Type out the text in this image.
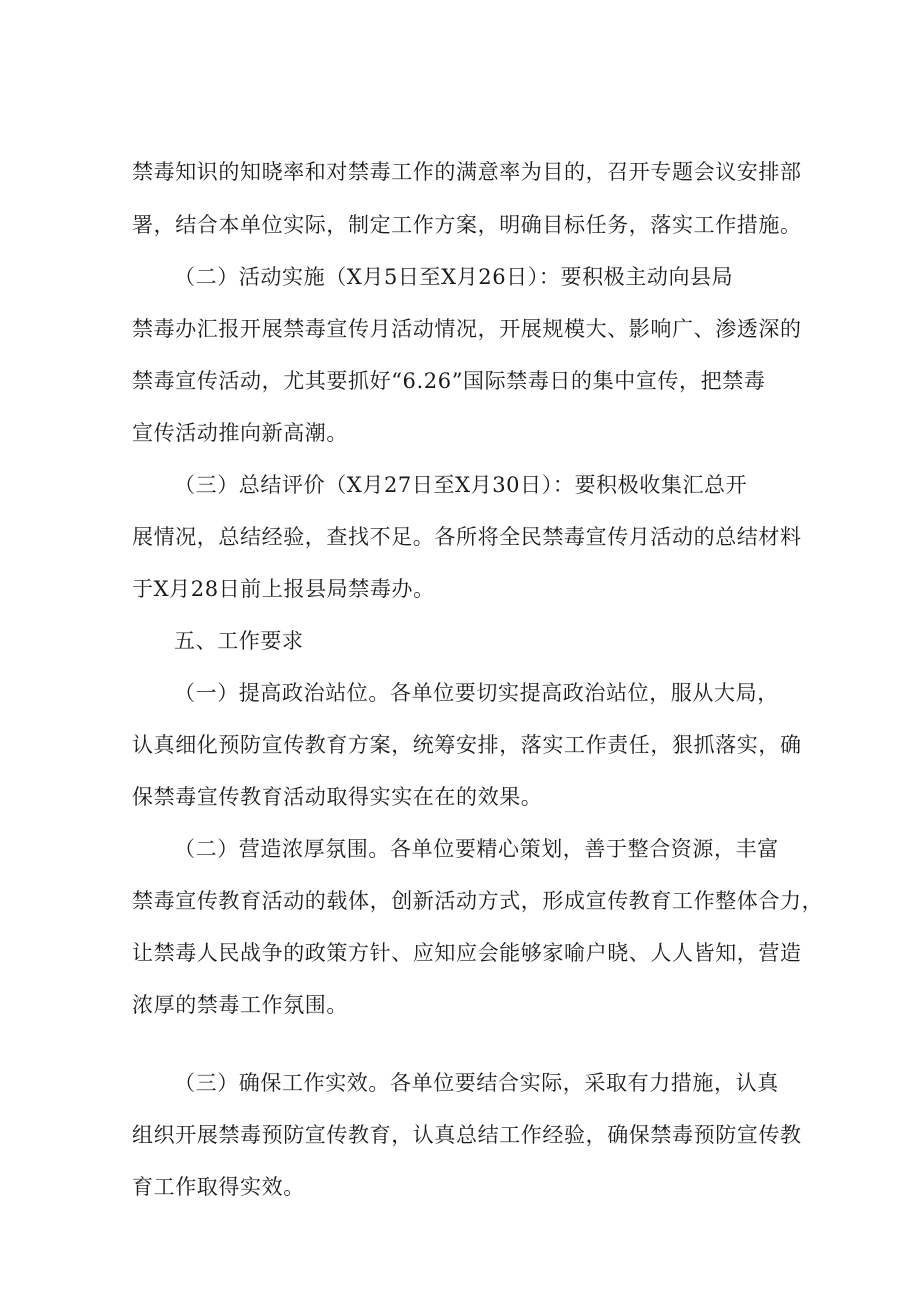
禁毒知识的知晓率和对禁毒工作的满意率为目的，召开专题会议安排部
署，结合本单位实际，制定工作方案，明确目标任务，落实工作措施。
（二）活动实施（X月5日至X月26日）：要积极主动向县局
禁毒办汇报开展禁毒宣传月活动情况，开展规模大、影响广、渗透深的
禁毒宣传活动，尤其要抓好“6.26”国际禁毒日的集中宣传，把禁毒
宣传活动推向新高潮。
（三）总结评价（X月27日至X月30日）：要积极收集汇总开
展情况，总结经验，查找不足。各所将全民禁毒宣传月活动的总结材料
于X月28日前上报县局禁毒办。
五、工作要求
（一）提高政治站位。各单位要切实提高政治站位，服从大局，
认真细化预防宣传教育方案，统筹安排，落实工作责任，狠抓落实，确
保禁毒宣传教育活动取得实实在在的效果。
（二）营造浓厚氛围。各单位要精心策划，善于整合资源，丰富
禁毒宣传教育活动的载体，创新活动方式，形成宣传教育工作整体合力，
让禁毒人民战争的政策方针、应知应会能够家喻户晓、人人皆知，营造
浓厚的禁毒工作氛围。
（三）确保工作实效。各单位要结合实际，采取有力措施，认真
组织开展禁毒预防宣传教育，认真总结工作经验，确保禁毒预防宣传教
育工作取得实效。
